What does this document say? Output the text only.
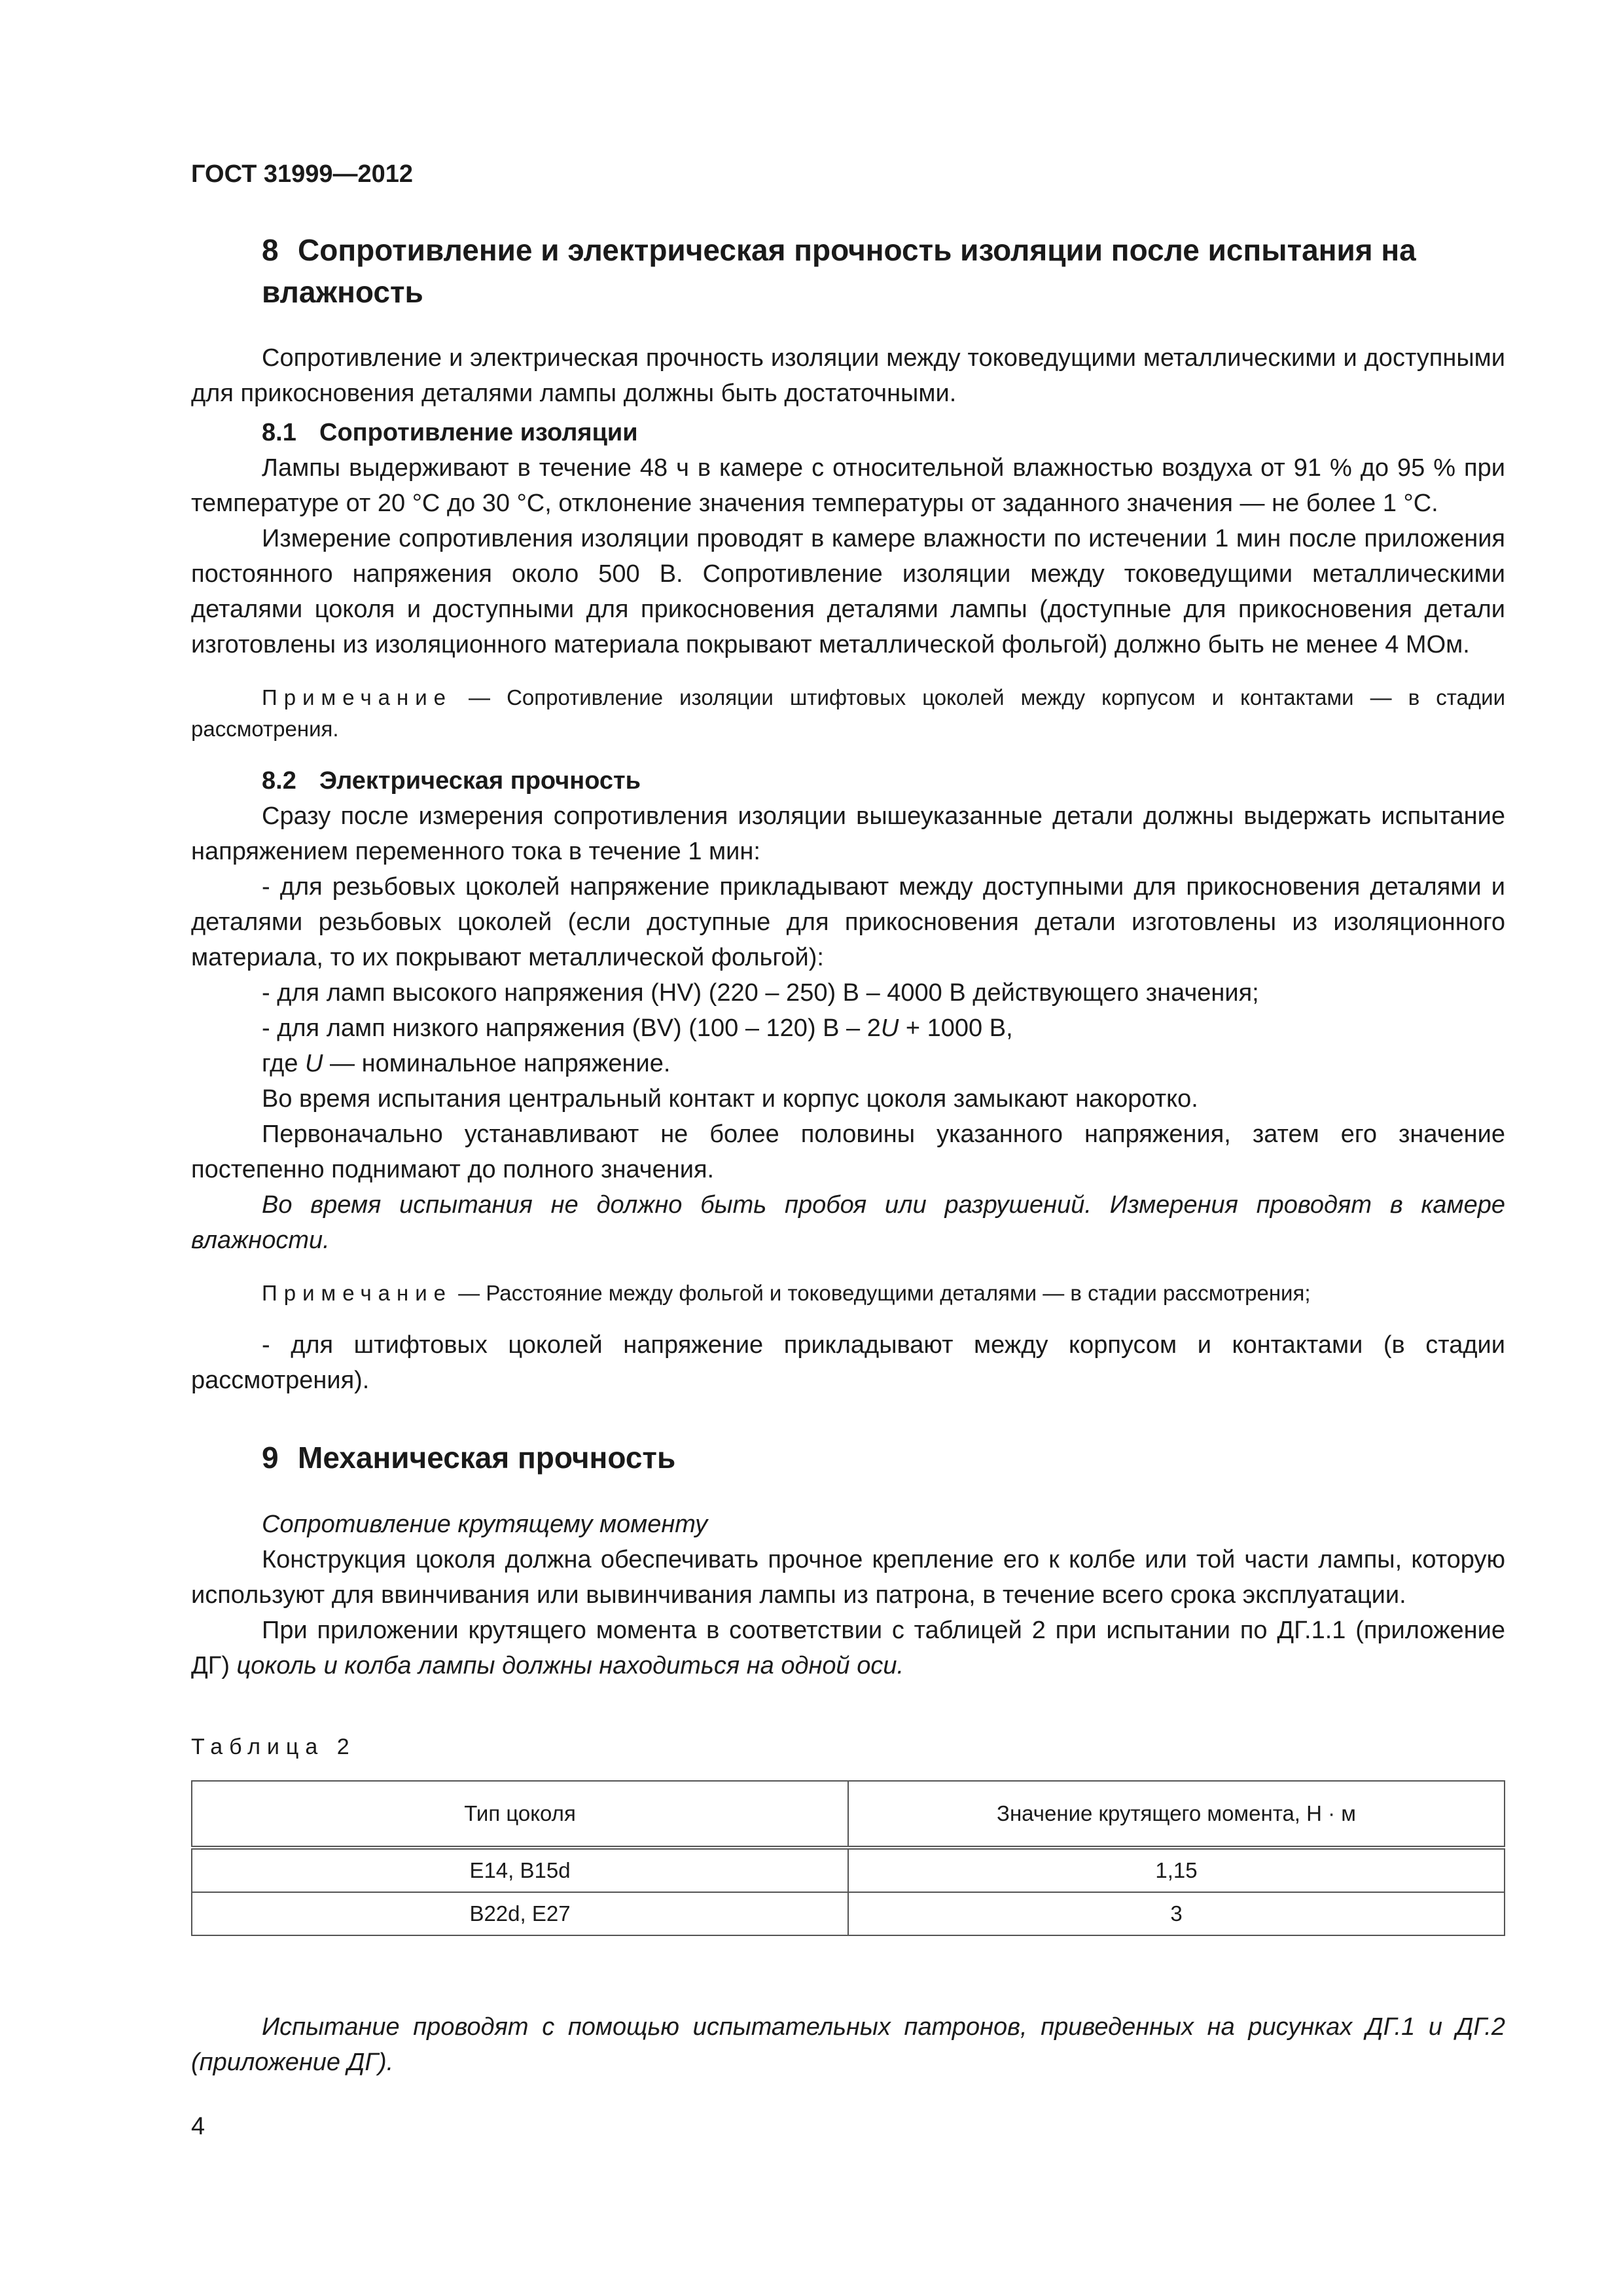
ГОСТ 31999—2012
8 Сопротивление и электрическая прочность изоляции после испытания на влажность

Сопротивление и электрическая прочность изоляции между токоведущими металлическими и доступными для прикосновения деталями лампы должны быть достаточными.

8.1 Сопротивление изоляции

Лампы выдерживают в течение 48 ч в камере с относительной влажностью воздуха от 91 % до 95 % при температуре от 20 °С до 30 °С, отклонение значения температуры от заданного значения — не более 1 °С.

Измерение сопротивления изоляции проводят в камере влажности по истечении 1 мин после приложения постоянного напряжения около 500 В. Сопротивление изоляции между токоведущими металлическими деталями цоколя и доступными для прикосновения деталями лампы (доступные для прикосновения детали изготовлены из изоляционного материала покрывают металлической фольгой) должно быть не менее 4 МОм.

Примечание — Сопротивление изоляции штифтовых цоколей между корпусом и контактами — в стадии рассмотрения.

8.2 Электрическая прочность

Сразу после измерения сопротивления изоляции вышеуказанные детали должны выдержать испытание напряжением переменного тока в течение 1 мин:

- для резьбовых цоколей напряжение прикладывают между доступными для прикосновения деталями и деталями резьбовых цоколей (если доступные для прикосновения детали изготовлены из изоляционного материала, то их покрывают металлической фольгой):

- для ламп высокого напряжения (HV) (220 – 250) В – 4000 В действующего значения;

- для ламп низкого напряжения (BV) (100 – 120) В – 2U + 1000 В,

где U — номинальное напряжение.

Во время испытания центральный контакт и корпус цоколя замыкают накоротко.

Первоначально устанавливают не более половины указанного напряжения, затем его значение постепенно поднимают до полного значения.

Во время испытания не должно быть пробоя или разрушений. Измерения проводят в камере влажности.

Примечание — Расстояние между фольгой и токоведущими деталями — в стадии рассмотрения;

- для штифтовых цоколей напряжение прикладывают между корпусом и контактами (в стадии рассмотрения).

9 Механическая прочность

Сопротивление крутящему моменту

Конструкция цоколя должна обеспечивать прочное крепление его к колбе или той части лампы, которую используют для ввинчивания или вывинчивания лампы из патрона, в течение всего срока эксплуатации.

При приложении крутящего момента в соответствии с таблицей 2 при испытании по ДГ.1.1 (приложение ДГ) цоколь и колба лампы должны находиться на одной оси.

Таблица 2
Тип цоколя	Значение крутящего момента, Н · м
E14, B15d	1,15
B22d, E27	3
Испытание проводят с помощью испытательных патронов, приведенных на рисунках ДГ.1 и ДГ.2 (приложение ДГ).
4
